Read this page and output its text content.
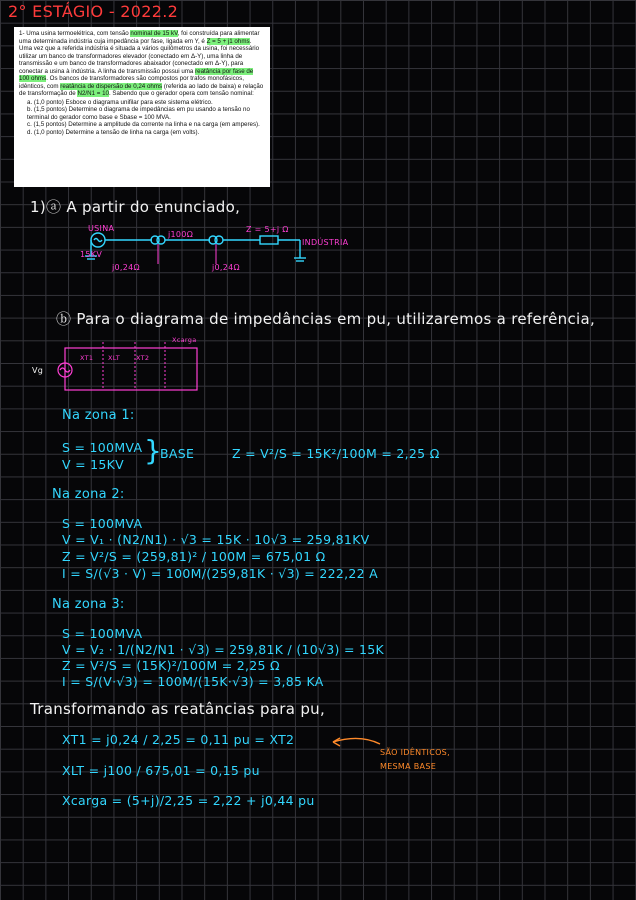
2° ESTÁGIO - 2022.2

1- Uma usina termoelétrica, com tensão nominal de 15 kV, foi construída para alimentar uma determinada indústria cuja impedância por fase, ligada em Y, é Z = 5 + j1 ohms. Uma vez que a referida indústria é situada a vários quilômetros da usina, foi necessário utilizar um banco de transformadores elevador (conectado em Δ-Y), uma linha de transmissão e um banco de transformadores abaixador (conectado em Δ-Y), para conectar a usina à indústria. A linha de transmissão possui uma reatância por fase de 100 ohms. Os bancos de transformadores são compostos por trafos monofásicos, idênticos, com reatância de dispersão de 0,24 ohms (referida ao lado de baixa) e relação de transformação de N2/N1 = 10. Sabendo que o gerador opera com tensão nominal:

a. (1,0 ponto) Esboce o diagrama unifilar para este sistema elétrico.
b. (1,5 pontos) Determine o diagrama de impedâncias em pu usando a tensão no terminal do gerador como base e Sbase = 100 MVA.
c. (1,5 pontos) Determine a amplitude da corrente na linha e na carga (em amperes).
d. (1,0 ponto) Determine a tensão de linha na carga (em volts).
1)ⓐ A partir do enunciado,
USINA
15KV
j100Ω
Z = 5+j Ω
INDÚSTRIA
j0,24Ω	j0,24Ω
ⓑ Para o diagrama de impedâncias em pu, utilizaremos a referência,
Vg
Xcarga
XT1 XLT XT2
Na zona 1:
S = 100MVA
V = 15KV }
BASE	Z = V²/S = 15K²/100M = 2,25 Ω
Na zona 2:
S = 100MVA
V = V₁ · (N2/N1) · √3 = 15K · 10√3 = 259,81KV
Z = V²/S = (259,81)² / 100M = 675,01 Ω
I = S/(√3 · V) = 100M/(259,81K · √3) = 222,22 A
Na zona 3:
S = 100MVA
V = V₂ · 1/(N2/N1 · √3) = 259,81K / (10√3) = 15K
Z = V²/S = (15K)²/100M = 2,25 Ω
I = S/(V·√3) = 100M/(15K·√3) = 3,85 KA
Transformando as reatâncias para pu,
XT1 = j0,24 / 2,25 = 0,11 pu = XT2
XLT = j100 / 675,01 = 0,15 pu
Xcarga = (5+j)/2,25 = 2,22 + j0,44 pu
SÃO IDÊNTICOS,
MESMA BASE
